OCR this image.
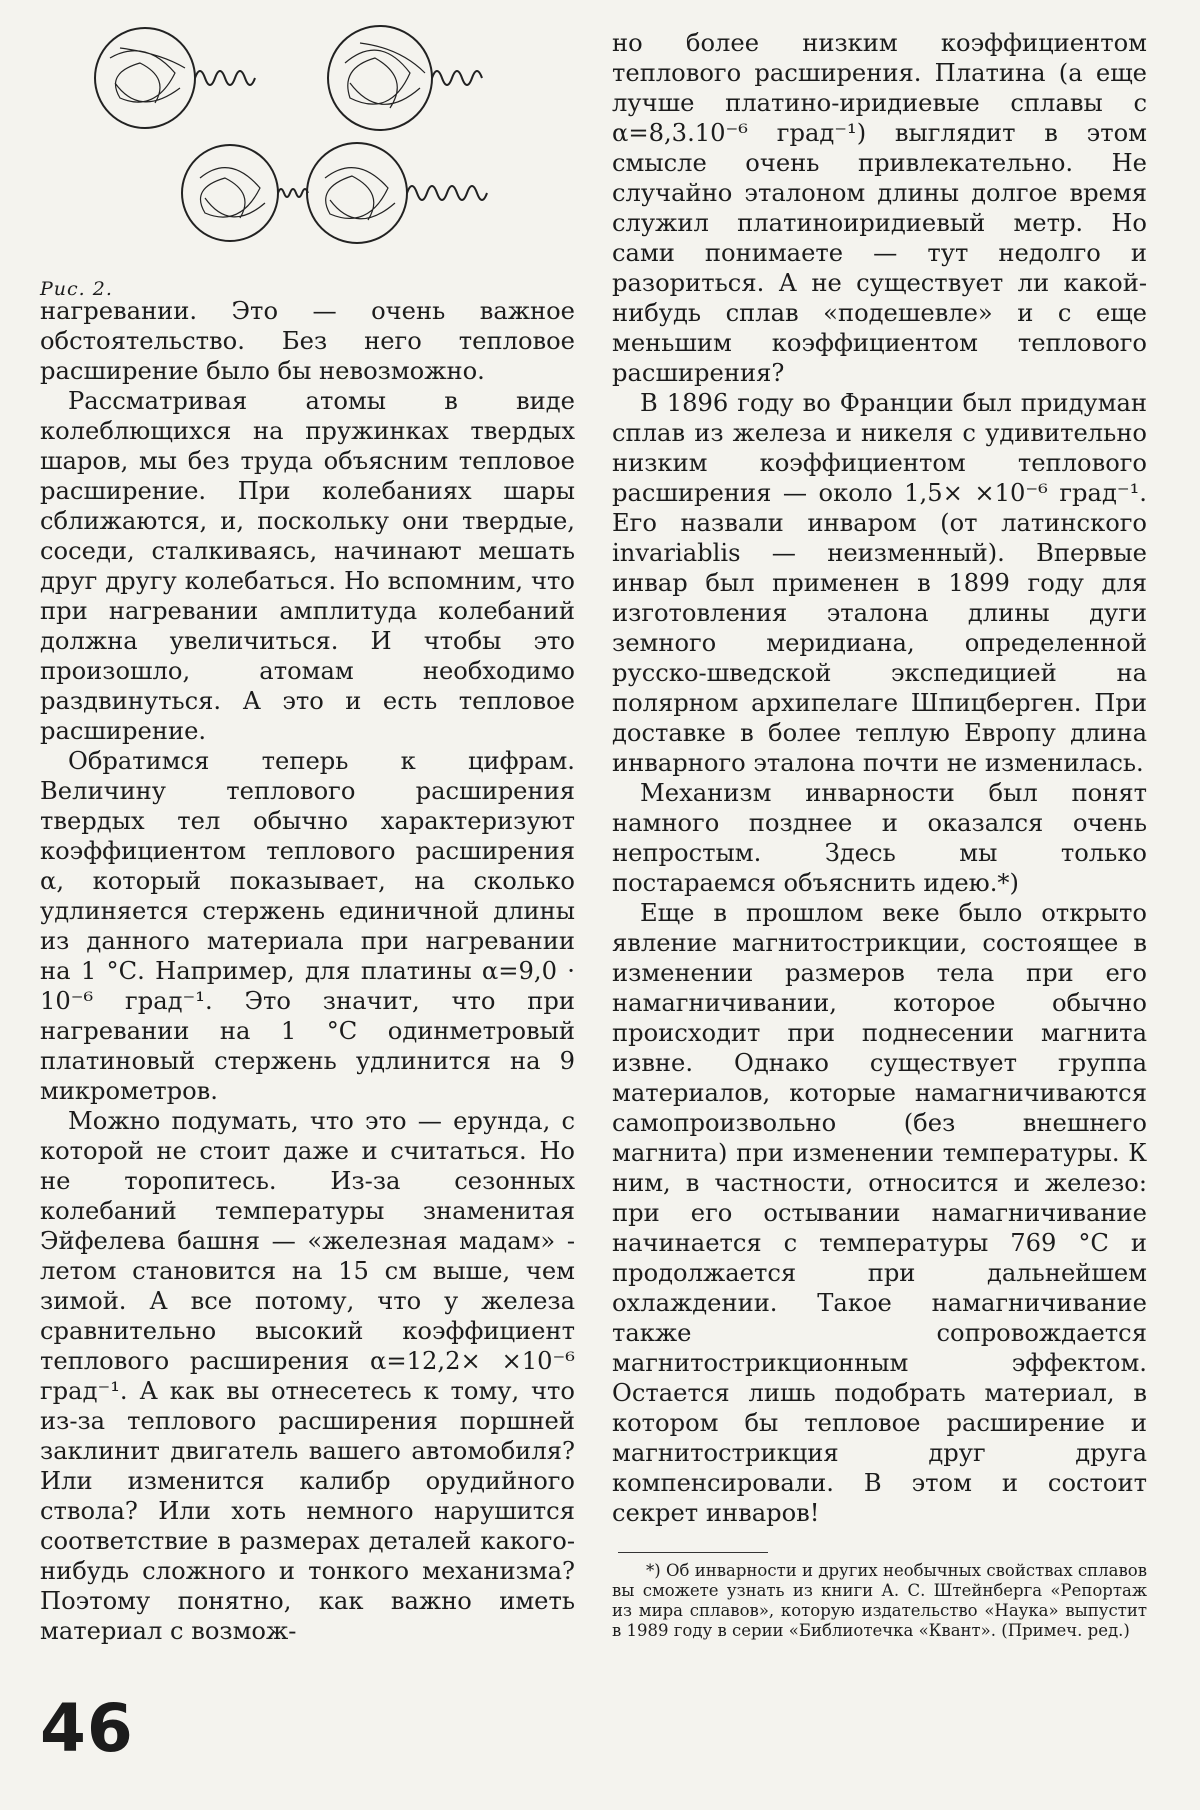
Рис. 2.

нагревании. Это — очень важное обстоятельство. Без него тепловое расширение было бы невозможно.

Рассматривая атомы в виде колеблющихся на пружинках твердых шаров, мы без труда объясним тепловое расширение. При колебаниях шары сближаются, и, поскольку они твердые, соседи, сталкиваясь, начинают мешать друг другу колебаться. Но вспомним, что при нагревании амплитуда колебаний должна увеличиться. И чтобы это произошло, атомам необходимо раздвинуться. А это и есть тепловое расширение.

Обратимся теперь к цифрам. Величину теплового расширения твердых тел обычно характеризуют коэффициентом теплового расширения α, который показывает, на сколько удлиняется стержень единичной длины из данного материала при нагревании на 1 °С. Например, для платины α=9,0 · 10⁻⁶ град⁻¹. Это значит, что при нагревании на 1 °С одинметровый платиновый стержень удлинится на 9 микрометров.

Можно подумать, что это — ерунда, с которой не стоит даже и считаться. Но не торопитесь. Из-за сезонных колебаний температуры знаменитая Эйфелева башня — «железная мадам» - летом становится на 15 см выше, чем зимой. А все потому, что у железа сравнительно высокий коэффициент теплового расширения α=12,2× ×10⁻⁶ град⁻¹. А как вы отнесетесь к тому, что из-за теплового расширения поршней заклинит двигатель вашего автомобиля? Или изменится калибр орудийного ствола? Или хоть немного нарушится соответствие в размерах деталей какого-нибудь сложного и тонкого механизма? Поэтому понятно, как важно иметь материал с возмож-

но более низким коэффициентом теплового расширения. Платина (а еще лучше платино-иридиевые сплавы с α=8,3.10⁻⁶ град⁻¹) выглядит в этом смысле очень привлекательно. Не случайно эталоном длины долгое время служил платиноиридиевый метр. Но сами понимаете — тут недолго и разориться. А не существует ли какой-нибудь сплав «подешевле» и с еще меньшим коэффициентом теплового расширения?

В 1896 году во Франции был придуман сплав из железа и никеля с удивительно низким коэффициентом теплового расширения — около 1,5× ×10⁻⁶ град⁻¹. Его назвали инваром (от латинского invariablis — неизменный). Впервые инвар был применен в 1899 году для изготовления эталона длины дуги земного меридиана, определенной русско-шведской экспедицией на полярном архипелаге Шпицберген. При доставке в более теплую Европу длина инварного эталона почти не изменилась.

Механизм инварности был понят намного позднее и оказался очень непростым. Здесь мы только постараемся объяснить идею.*)

Еще в прошлом веке было открыто явление магнитострикции, состоящее в изменении размеров тела при его намагничивании, которое обычно происходит при поднесении магнита извне. Однако существует группа материалов, которые намагничиваются самопроизвольно (без внешнего магнита) при изменении температуры. К ним, в частности, относится и железо: при его остывании намагничивание начинается с температуры 769 °С и продолжается при дальнейшем охлаждении. Такое намагничивание также сопровождается магнитострикционным эффектом. Остается лишь подобрать материал, в котором бы тепловое расширение и магнитострикция друг друга компенсировали. В этом и состоит секрет инваров!

*) Об инварности и других необычных свойствах сплавов вы сможете узнать из книги А. С. Штейнберга «Репортаж из мира сплавов», которую издательство «Наука» выпустит в 1989 году в серии «Библиотечка «Квант». (Примеч. ред.)

46
